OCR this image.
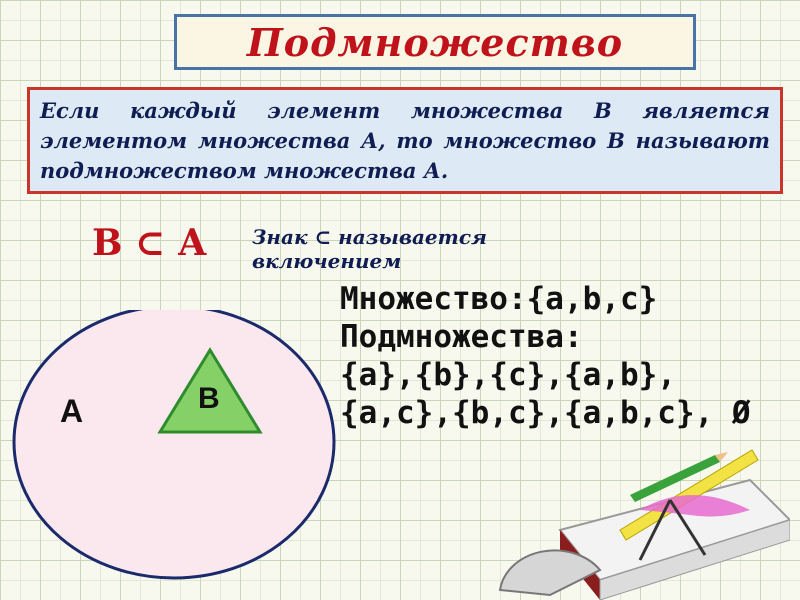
Подмножество

Если каждый элемент множества В является элементом множества А, то множество В называют подмножеством множества А.

В ⊂ А Знак ⊂ называется включением
A	B
Множество:{a,b,c}
Подмножества:
{a},{b},{c},{a,b},
{a,c},{b,c},{a,b,c}, Ø
